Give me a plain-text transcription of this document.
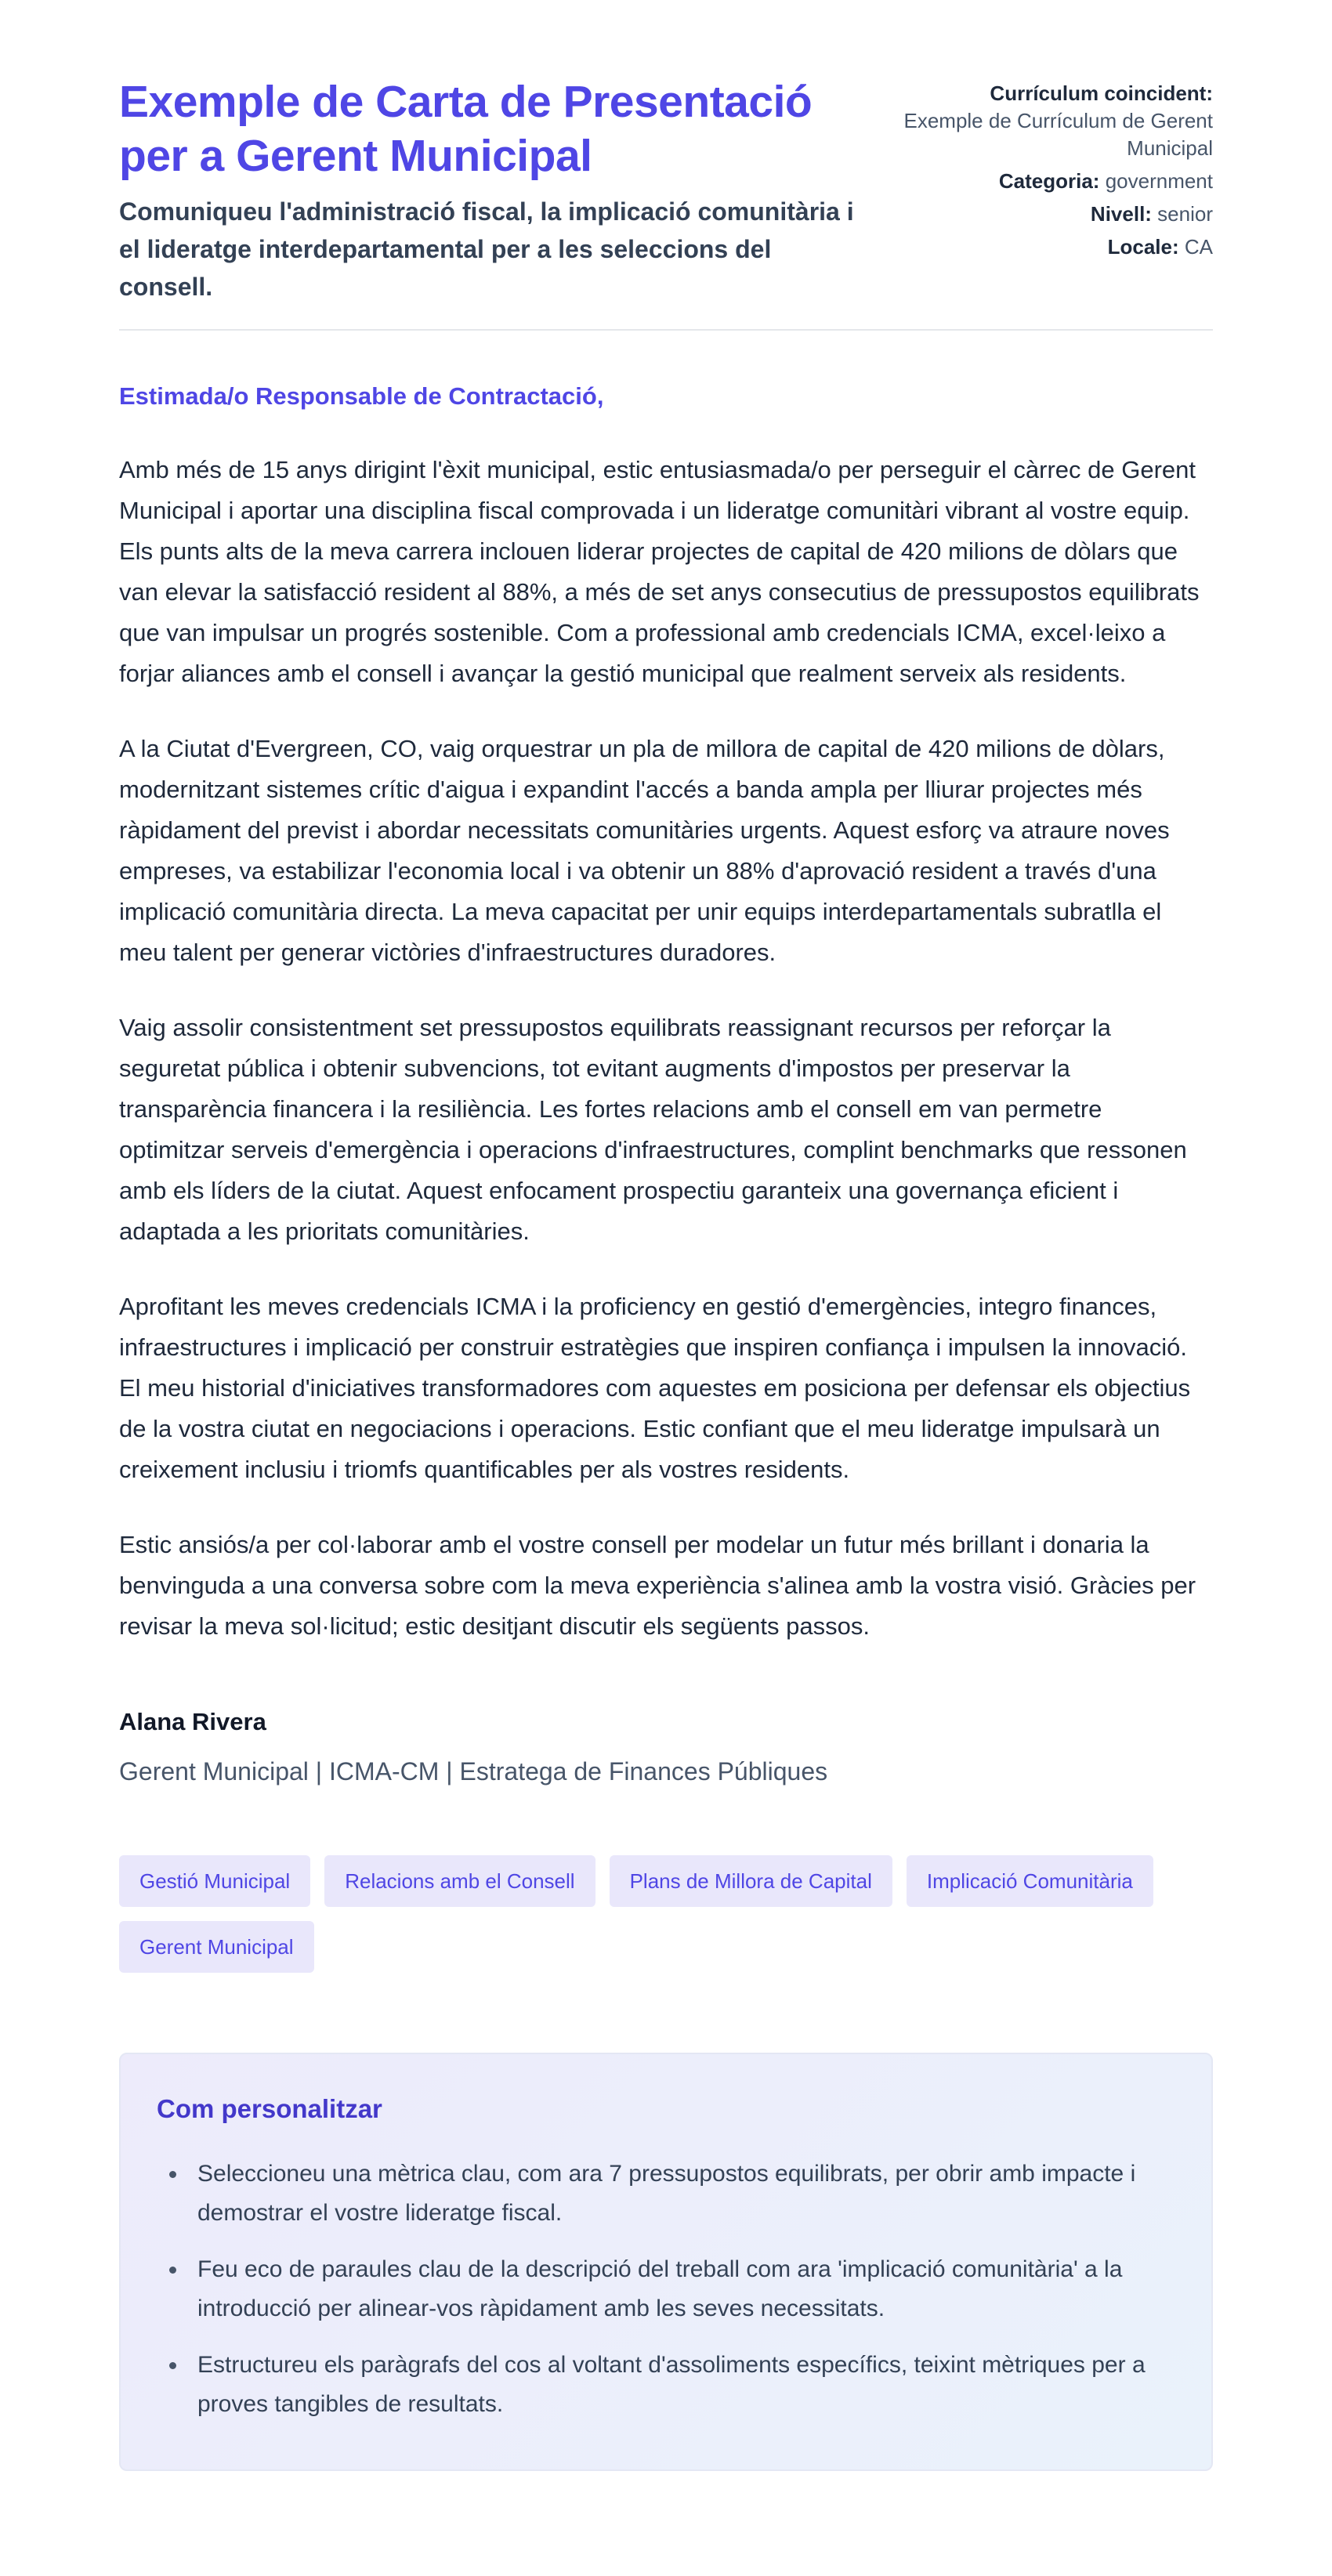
Exemple de Carta de Presentació per a Gerent Municipal
Comuniqueu l'administració fiscal, la implicació comunitària i el lideratge interdepartamental per a les seleccions del consell.
Currículum coincident:
Exemple de Currículum de Gerent Municipal
Categoria: government
Nivell: senior
Locale: CA
Estimada/o Responsable de Contractació,

Amb més de 15 anys dirigint l'èxit municipal, estic entusiasmada/o per perseguir el càrrec de Gerent Municipal i aportar una disciplina fiscal comprovada i un lideratge comunitàri vibrant al vostre equip. Els punts alts de la meva carrera inclouen liderar projectes de capital de 420 milions de dòlars que van elevar la satisfacció resident al 88%, a més de set anys consecutius de pressupostos equilibrats que van impulsar un progrés sostenible. Com a professional amb credencials ICMA, excel·leixo a forjar aliances amb el consell i avançar la gestió municipal que realment serveix als residents.

A la Ciutat d'Evergreen, CO, vaig orquestrar un pla de millora de capital de 420 milions de dòlars, modernitzant sistemes crític d'aigua i expandint l'accés a banda ampla per lliurar projectes més ràpidament del previst i abordar necessitats comunitàries urgents. Aquest esforç va atraure noves empreses, va estabilizar l'economia local i va obtenir un 88% d'aprovació resident a través d'una implicació comunitària directa. La meva capacitat per unir equips interdepartamentals subratlla el meu talent per generar victòries d'infraestructures duradores.

Vaig assolir consistentment set pressupostos equilibrats reassignant recursos per reforçar la seguretat pública i obtenir subvencions, tot evitant augments d'impostos per preservar la transparència financera i la resiliència. Les fortes relacions amb el consell em van permetre optimitzar serveis d'emergència i operacions d'infraestructures, complint benchmarks que ressonen amb els líders de la ciutat. Aquest enfocament prospectiu garanteix una governança eficient i adaptada a les prioritats comunitàries.

Aprofitant les meves credencials ICMA i la proficiency en gestió d'emergències, integro finances, infraestructures i implicació per construir estratègies que inspiren confiança i impulsen la innovació. El meu historial d'iniciatives transformadores com aquestes em posiciona per defensar els objectius de la vostra ciutat en negociacions i operacions. Estic confiant que el meu lideratge impulsarà un creixement inclusiu i triomfs quantificables per als vostres residents.

Estic ansiós/a per col·laborar amb el vostre consell per modelar un futur més brillant i donaria la benvinguda a una conversa sobre com la meva experiència s'alinea amb la vostra visió. Gràcies per revisar la meva sol·licitud; estic desitjant discutir els següents passos.

Alana Rivera
Gerent Municipal | ICMA-CM | Estratega de Finances Públiques
Gestió Municipal	Relacions amb el Consell	Plans de Millora de Capital	Implicació Comunitària
Gerent Municipal
Com personalitzar
• Seleccioneu una mètrica clau, com ara 7 pressupostos equilibrats, per obrir amb impacte i demostrar el vostre lideratge fiscal.
• Feu eco de paraules clau de la descripció del treball com ara 'implicació comunitària' a la introducció per alinear-vos ràpidament amb les seves necessitats.
• Estructureu els paràgrafs del cos al voltant d'assoliments específics, teixint mètriques per a proves tangibles de resultats.
